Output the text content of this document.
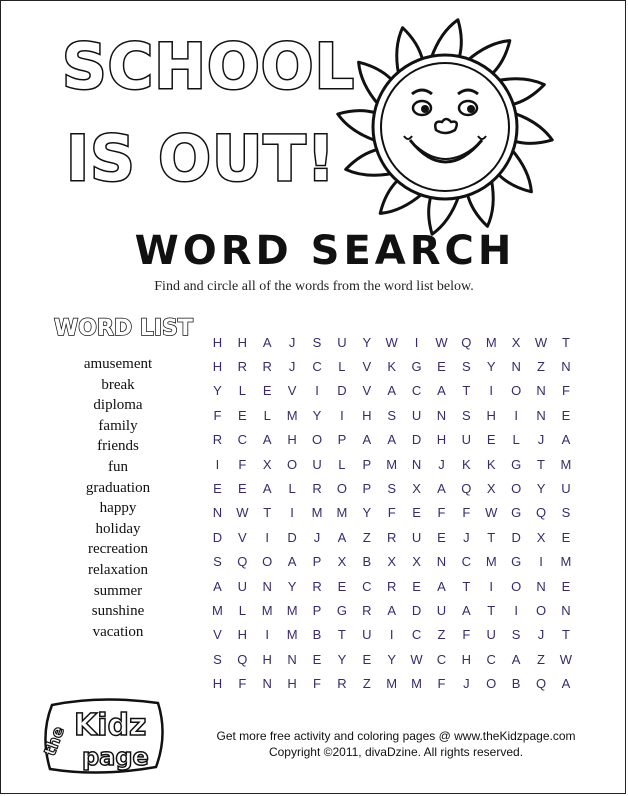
SCHOOL
IS OUT!
WORD SEARCH
Find and circle all of the words from the word list below.
WORD LIST
amusement
break
diploma
family
friends
fun
graduation
happy
holiday
recreation
relaxation
summer
sunshine
vacation
H	H	A	J	S	U	Y	W	I	W	Q	M	X	W	T
H	R	R	J	C	L	V	K	G	E	S	Y	N	Z	N
Y	L	E	V	I	D	V	A	C	A	T	I	O	N	F
F	E	L	M	Y	I	H	S	U	N	S	H	I	N	E
R	C	A	H	O	P	A	A	D	H	U	E	L	J	A
I	F	X	O	U	L	P	M	N	J	K	K	G	T	M
E	E	A	L	R	O	P	S	X	A	Q	X	O	Y	U
N	W	T	I	M	M	Y	F	E	F	F	W	G	Q	S
D	V	I	D	J	A	Z	R	U	E	J	T	D	X	E
S	Q	O	A	P	X	B	X	X	N	C	M	G	I	M
A	U	N	Y	R	E	C	R	E	A	T	I	O	N	E
M	L	M	M	P	G	R	A	D	U	A	T	I	O	N
V	H	I	M	B	T	U	I	C	Z	F	U	S	J	T
S	Q	H	N	E	Y	E	Y	W	C	H	C	A	Z	W
H	F	N	H	F	R	Z	M	M	F	J	O	B	Q	A
the Kidz
page
Get more free activity and coloring pages @ www.theKidzpage.com
Copyright ©2011, divaDzine. All rights reserved.
